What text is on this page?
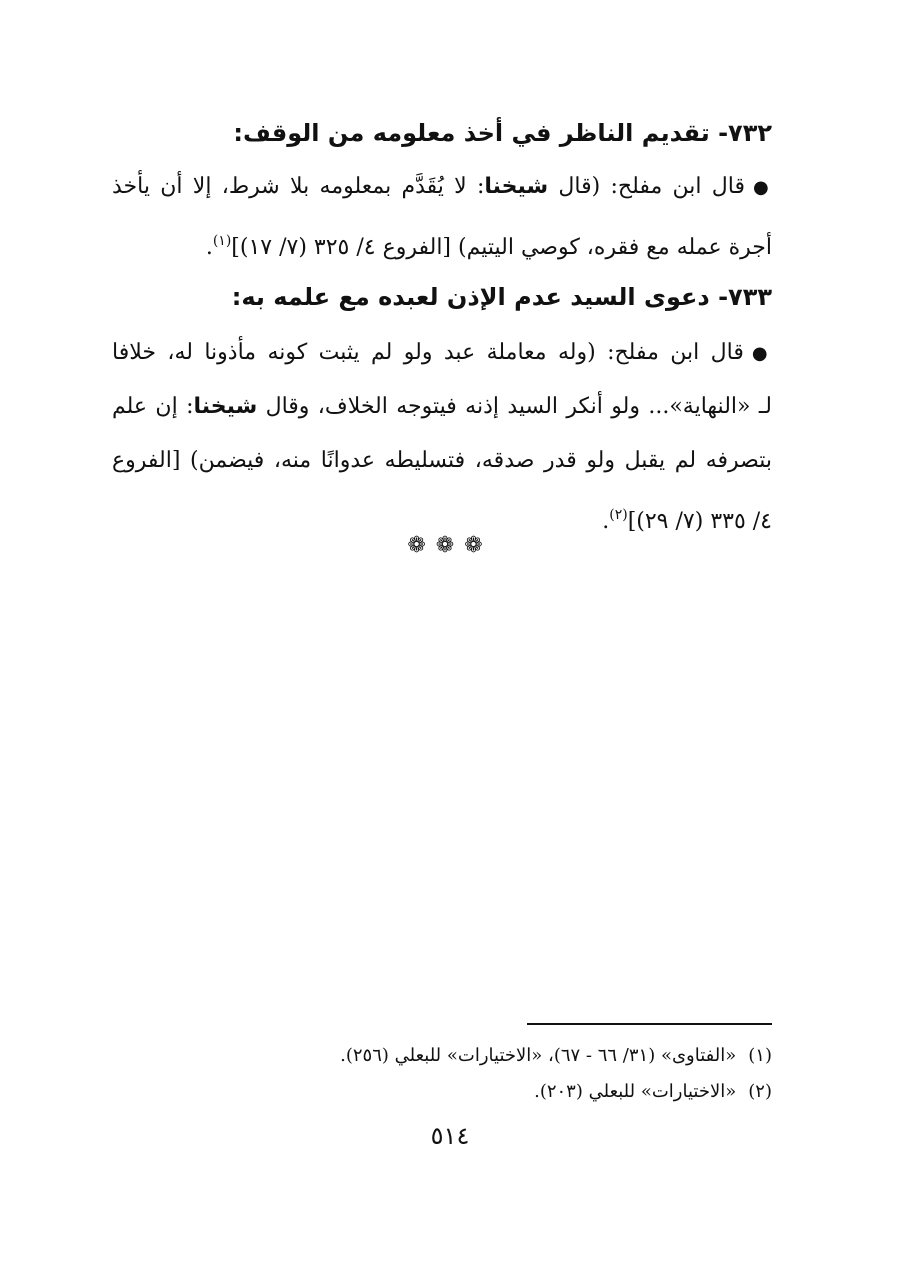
٧٣٢- تقديم الناظر في أخذ معلومه من الوقف:
●قال ابن مفلح: (قال شيخنا: لا يُقَدَّم بمعلومه بلا شرط، إلا أن يأخذ
أجرة عمله مع فقره، كوصي اليتيم) [الفروع ٤/ ٣٢٥ (٧/ ١٧)]$^{(١)}$.
٧٣٣- دعوى السيد عدم الإذن لعبده مع علمه به:
●قال ابن مفلح: (وله معاملة عبد ولو لم يثبت كونه مأذونا له، خلافا
لـ «النهاية»... ولو أنكر السيد إذنه فيتوجه الخلاف، وقال شيخنا: إن علم
بتصرفه لم يقبل ولو قدر صدقه، فتسليطه عدوانًا منه، فيضمن) [الفروع
٤/ ٣٣٥ (٧/ ٢٩)]$^{(٢)}$.
❁❁❁
(١)«الفتاوى» (٣١/ ٦٦ - ٦٧)، «الاختيارات» للبعلي (٢٥٦).
(٢)«الاختيارات» للبعلي (٢٠٣).
٥١٤
